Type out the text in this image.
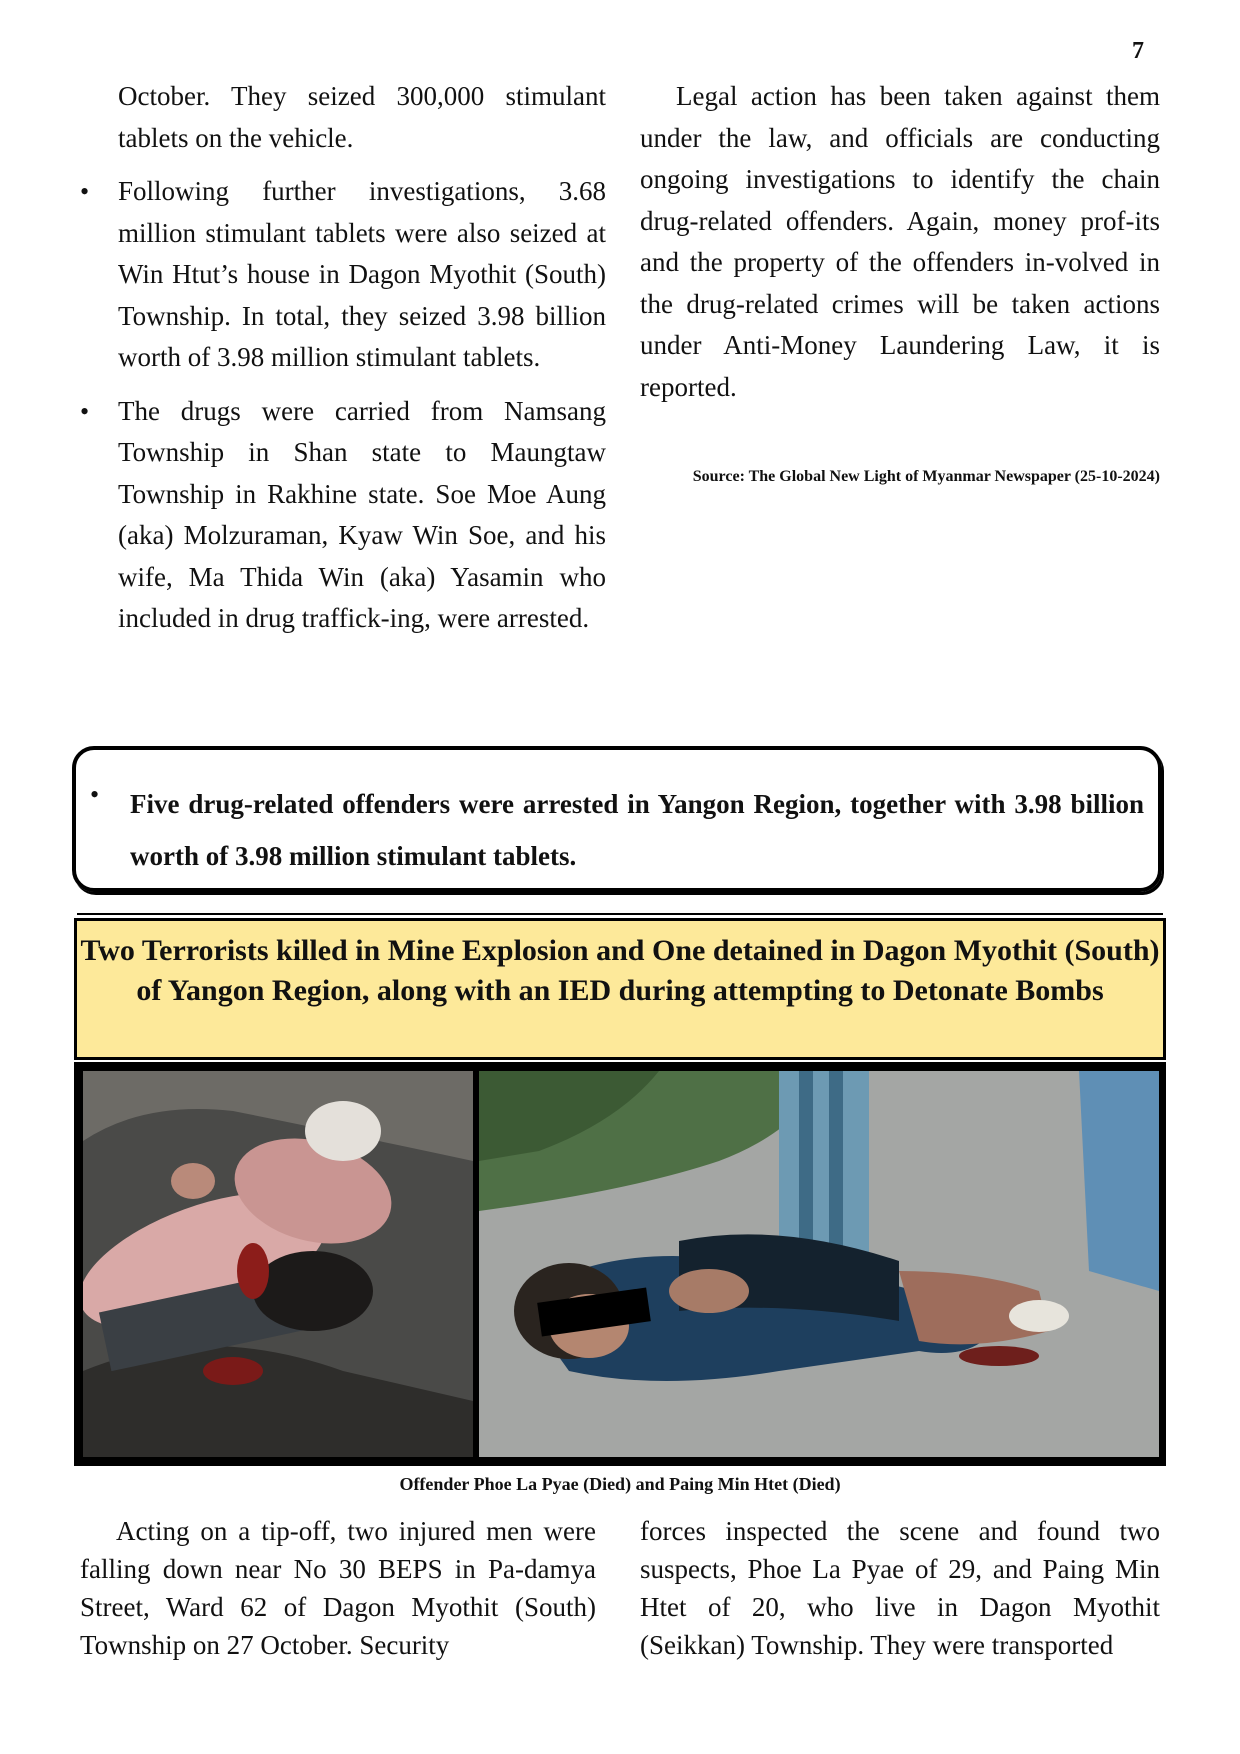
7

October. They seized 300,000 stimulant tablets on the vehicle.

• Following further investigations, 3.68 million stimulant tablets were also seized at Win Htut’s house in Dagon Myothit (South) Township. In total, they seized 3.98 billion worth of 3.98 million stimulant tablets.
• The drugs were carried from Namsang Township in Shan state to Maungtaw Township in Rakhine state. Soe Moe Aung (aka) Molzuraman, Kyaw Win Soe, and his wife, Ma Thida Win (aka) Yasamin who included in drug traffick-ing, were arrested.

Legal action has been taken against them under the law, and officials are conducting ongoing investigations to identify the chain drug-related offenders. Again, money prof-its and the property of the offenders in-volved in the drug-related crimes will be taken actions under Anti-Money Laundering Law, it is reported.

Source: The Global New Light of Myanmar Newspaper (25-10-2024)
• Five drug-related offenders were arrested in Yangon Region, together with 3.98 billion worth of 3.98 million stimulant tablets.
Two Terrorists killed in Mine Explosion and One detained in Dagon Myothit (South) of Yangon Region, along with an IED during attempting to Detonate Bombs
Offender Phoe La Pyae (Died) and Paing Min Htet (Died)

Acting on a tip-off, two injured men were falling down near No 30 BEPS in Pa-damya Street, Ward 62 of Dagon Myothit (South) Township on 27 October. Security

forces inspected the scene and found two suspects, Phoe La Pyae of 29, and Paing Min Htet of 20, who live in Dagon Myothit (Seikkan) Township. They were transported
